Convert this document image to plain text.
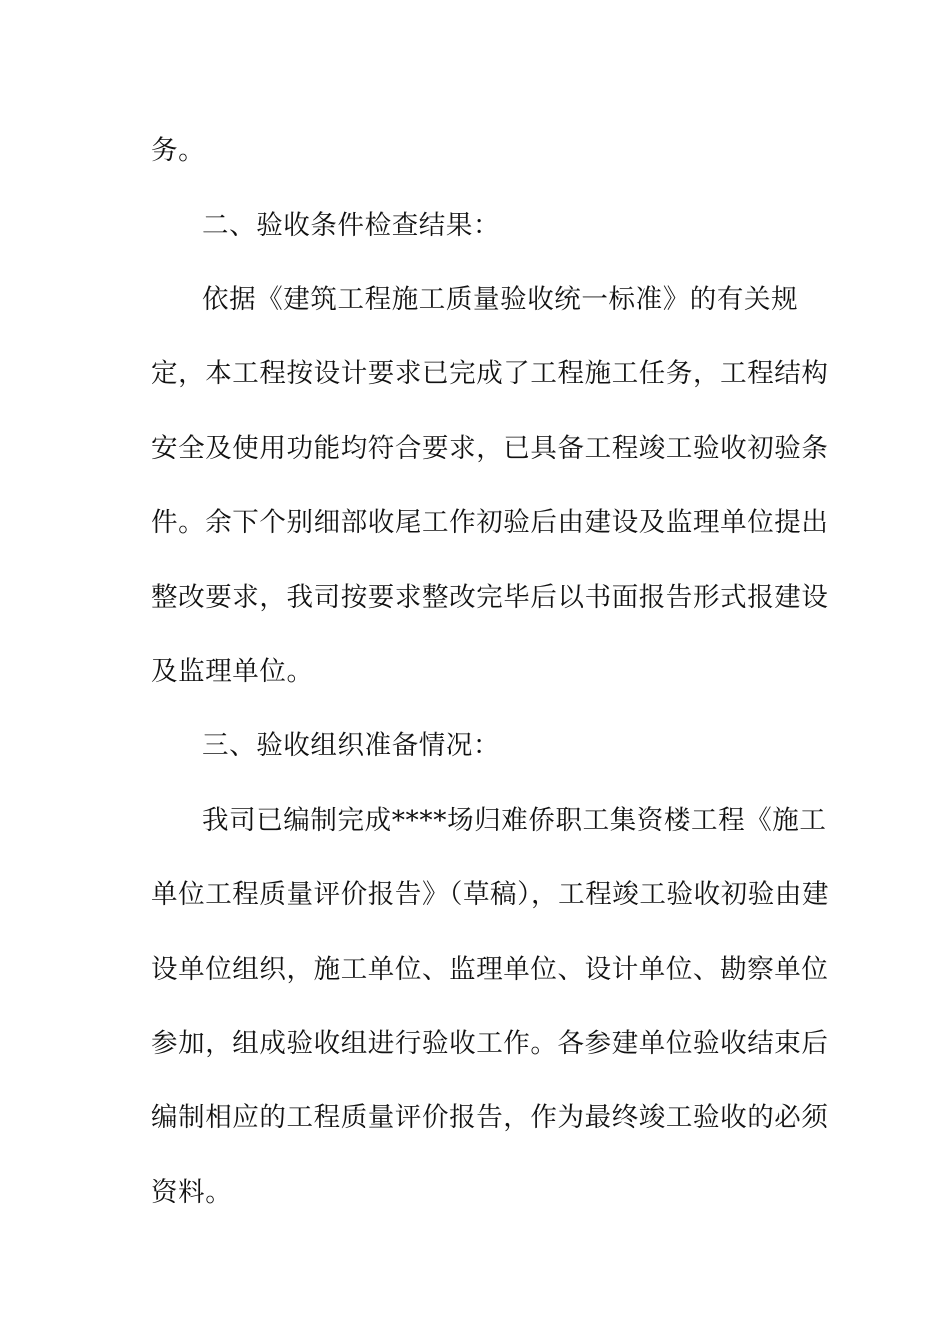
务。
二、验收条件检查结果：
依据《建筑工程施工质量验收统一标准》的有关规
定，本工程按设计要求已完成了工程施工任务，工程结构
安全及使用功能均符合要求，已具备工程竣工验收初验条
件。余下个别细部收尾工作初验后由建设及监理单位提出
整改要求，我司按要求整改完毕后以书面报告形式报建设
及监理单位。
三、验收组织准备情况：
我司已编制完成****场归难侨职工集资楼工程《施工
单位工程质量评价报告》（草稿），工程竣工验收初验由建
设单位组织，施工单位、监理单位、设计单位、勘察单位
参加，组成验收组进行验收工作。各参建单位验收结束后
编制相应的工程质量评价报告，作为最终竣工验收的必须
资料。
